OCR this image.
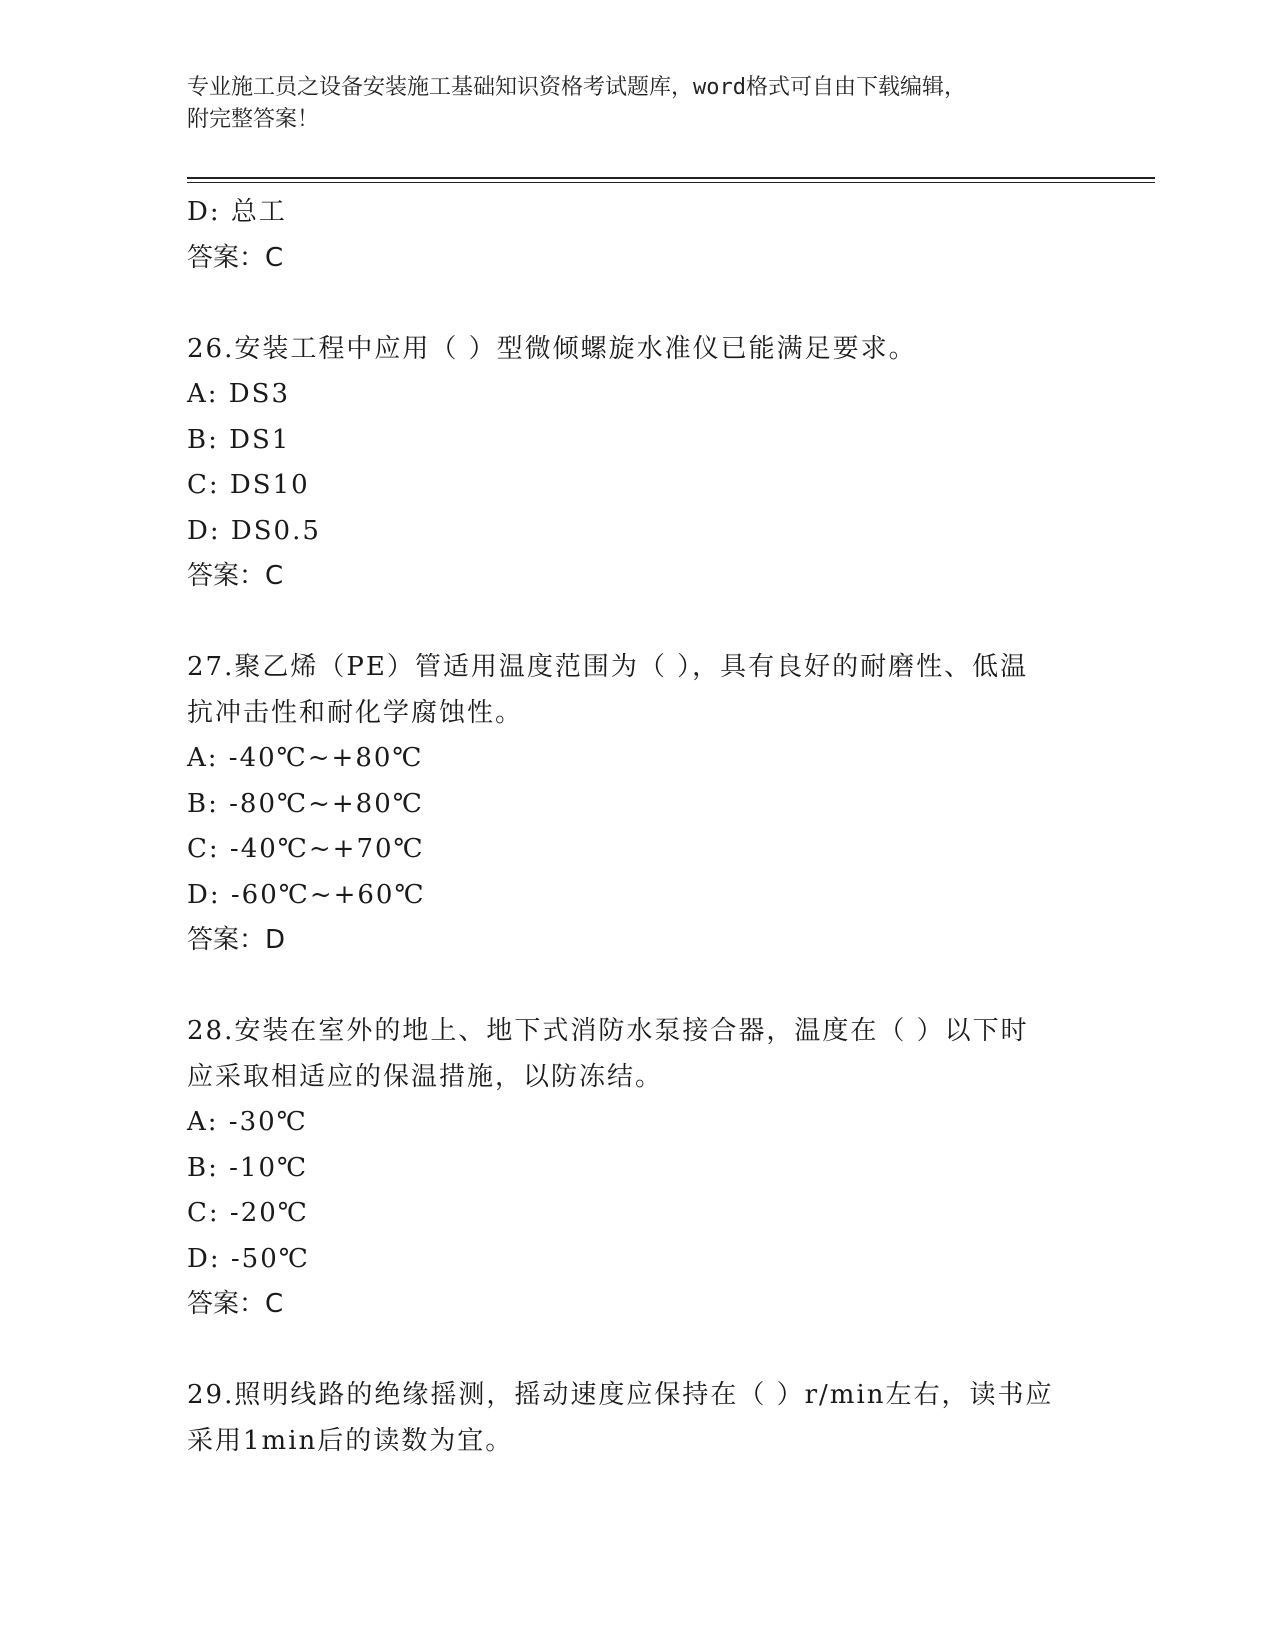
专业施工员之设备安装施工基础知识资格考试题库，word格式可自由下载编辑，
附完整答案！
D: 总工
答案：C
26.安装工程中应用（ ）型微倾螺旋水准仪已能满足要求。
A: DS3
B: DS1
C: DS10
D: DS0.5
答案：C
27.聚乙烯（PE）管适用温度范围为（ ），具有良好的耐磨性、低温
抗冲击性和耐化学腐蚀性。
A: -40℃~+80℃
B: -80℃~+80℃
C: -40℃~+70℃
D: -60℃~+60℃
答案：D
28.安装在室外的地上、地下式消防水泵接合器，温度在（ ）以下时
应采取相适应的保温措施，以防冻结。
A: -30℃
B: -10℃
C: -20℃
D: -50℃
答案：C
29.照明线路的绝缘摇测，摇动速度应保持在（ ）r/min左右，读书应
采用1min后的读数为宜。
